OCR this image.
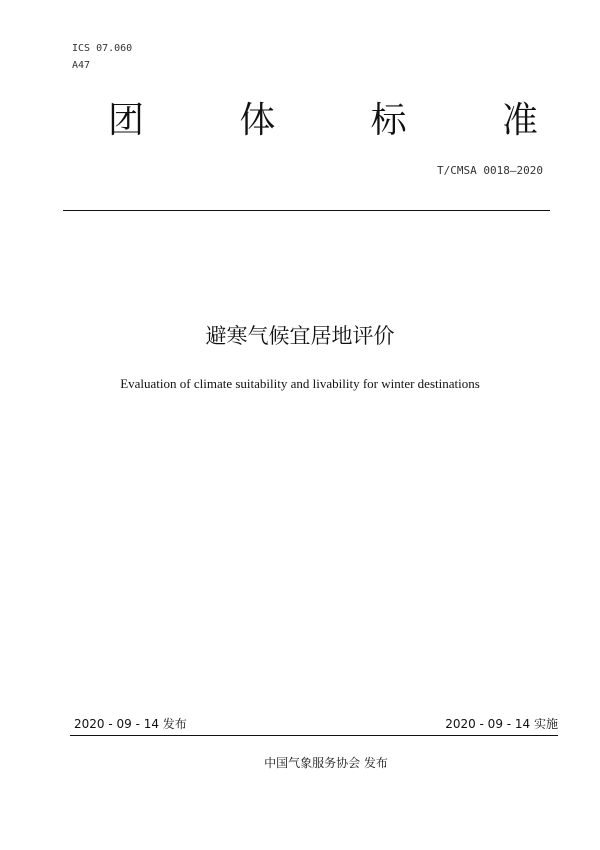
ICS 07.060
A47
团	体	标	准
T/CMSA 0018—2020
避寒气候宜居地评价
Evaluation of climate suitability and livability for winter destinations
2020 - 09 - 14 发布	2020 - 09 - 14 实施
中国气象服务协会 发布
